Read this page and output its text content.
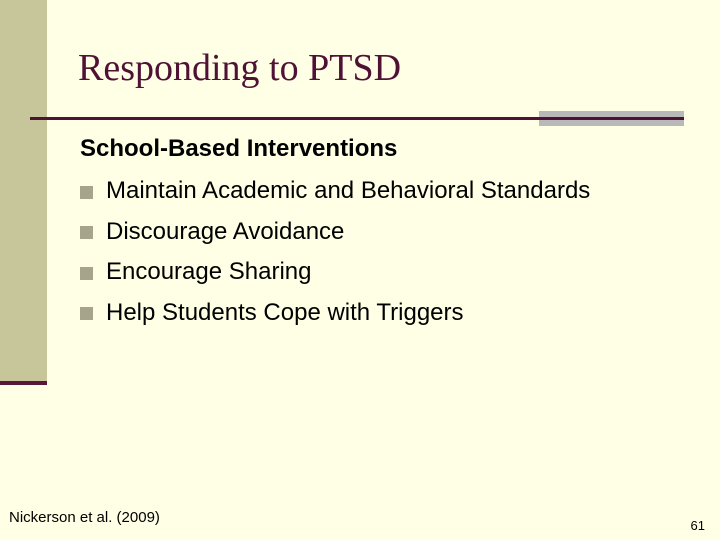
Responding to PTSD

School-Based Interventions

Maintain Academic and Behavioral Standards
Discourage Avoidance
Encourage Sharing
Help Students Cope with Triggers
Nickerson et al. (2009)	61
